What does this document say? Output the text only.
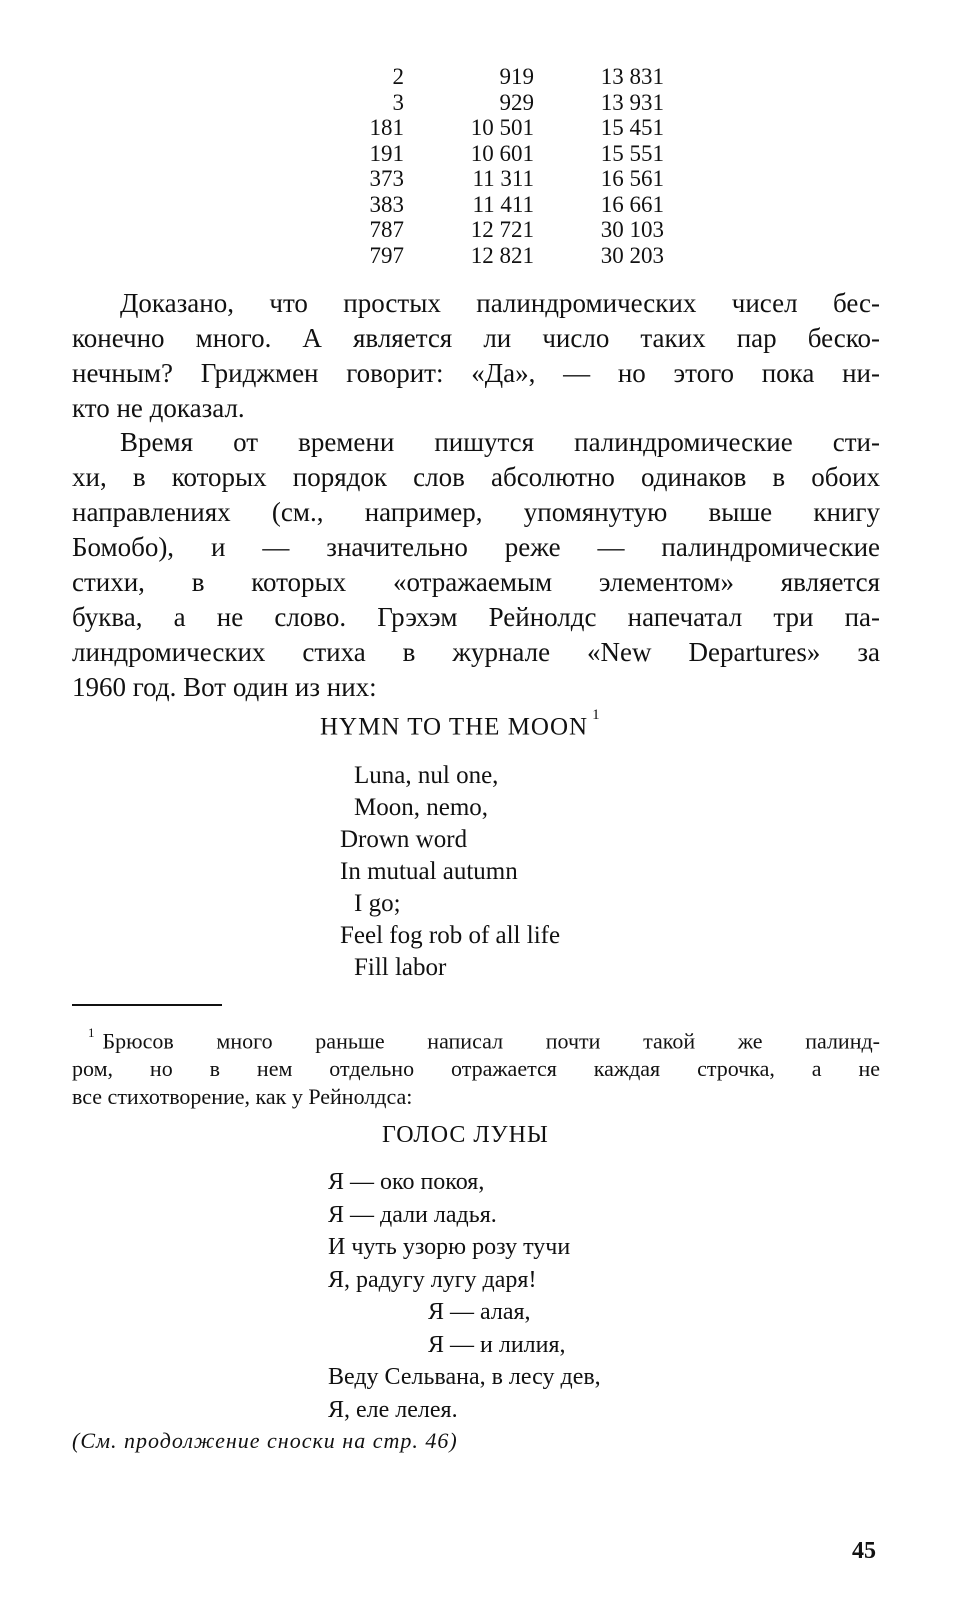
2	919	13 831
3	929	13 931
181	10 501	15 451
191	10 601	15 551
373	11 311	16 561
383	11 411	16 661
787	12 721	30 103
797	12 821	30 203
Доказано, что простых палиндромических чисел бес-
конечно много. А является ли число таких пар беско-
нечным? Гриджмен говорит: «Да», — но этого пока ни-
кто не доказал.
Время от времени пишутся палиндромические сти-
хи, в которых порядок слов абсолютно одинаков в обоих
направлениях (см., например, упомянутую выше книгу
Бомобо), и — значительно реже — палиндромические
стихи, в которых «отражаемым элементом» является
буква, а не слово. Грэхэм Рейнолдс напечатал три па-
линдромических стиха в журнале «New Departures» за
1960 год. Вот один из них:
HYMN TO THE MOON $^1$
Luna, nul one,
Moon, nemo,
Drown word
In mutual autumn
I go;
Feel fog rob of all life
Fill labor
$^1$ Брюсов много раньше написал почти такой же палинд-
ром, но в нем отдельно отражается каждая строчка, а не
все стихотворение, как у Рейнолдса:
ГОЛОС ЛУНЫ
Я — око покоя,
Я — дали ладья.
И чуть узорю розу тучи
Я, радугу лугу даря!
Я — алая,
Я — и лилия,
Веду Сельвана, в лесу дев,
Я, еле лелея.
(См. продолжение сноски на стр. 46)
45
